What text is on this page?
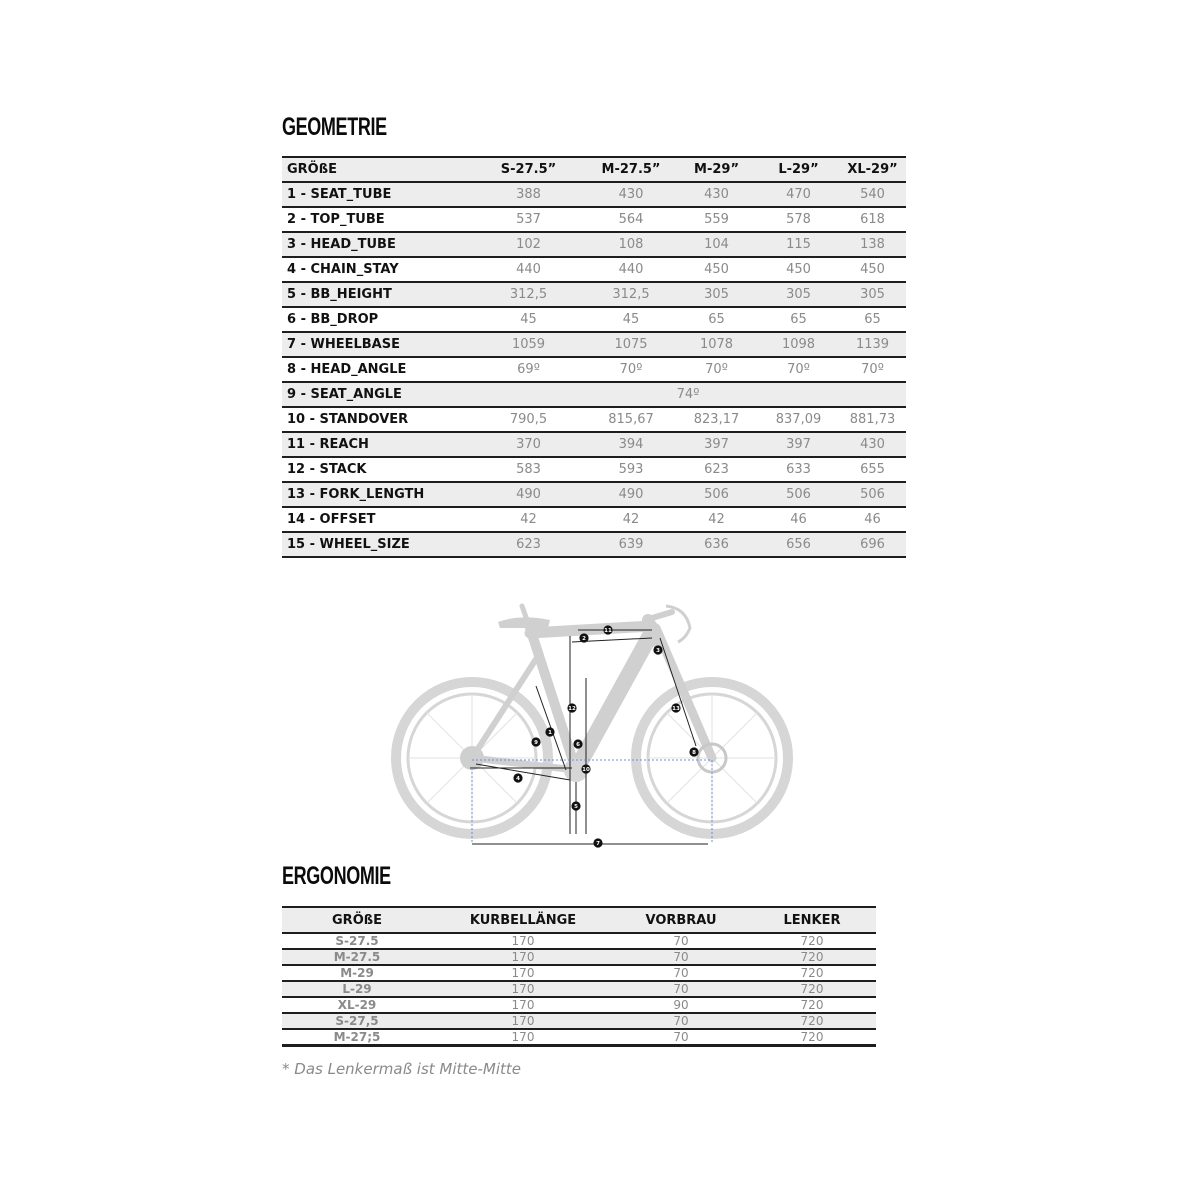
GEOMETRIE
GRÖßE	S-27.5”	M-27.5”	M-29”	L-29”	XL-29”
1 - SEAT_TUBE	388	430	430	470	540
2 - TOP_TUBE	537	564	559	578	618
3 - HEAD_TUBE	102	108	104	115	138
4 - CHAIN_STAY	440	440	450	450	450
5 - BB_HEIGHT	312,5	312,5	305	305	305
6 - BB_DROP	45	45	65	65	65
7 - WHEELBASE	1059	1075	1078	1098	1139
8 - HEAD_ANGLE	69º	70º	70º	70º	70º
9 - SEAT_ANGLE	74º				
10 - STANDOVER	790,5	815,67	823,17	837,09	881,73
11 - REACH	370	394	397	397	430
12 - STACK	583	593	623	633	655
13 - FORK_LENGTH	490	490	506	506	506
14 - OFFSET	42	42	42	46	46
15 - WHEEL_SIZE	623	639	636	656	696
1
2
3
4
5
6
7
8
9
10
11
12	13
ERGONOMIE
GRÖßE	KURBELLÄNGE	VORBRAU	LENKER
S-27.5	170	70	720
M-27.5	170	70	720
M-29	170	70	720
L-29	170	70	720
XL-29	170	90	720
S-27,5	170	70	720
M-27;5	170	70	720

* Das Lenkermaß ist Mitte-Mitte
